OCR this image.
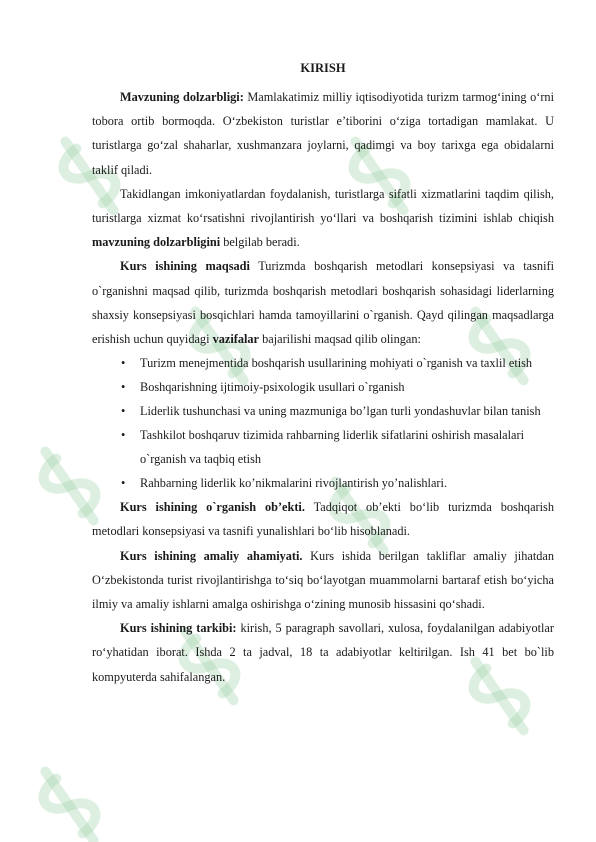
KIRISH

Mavzuning dolzarbligi: Mamlakatimiz milliy iqtisodiyotida turizm tarmog‘ining o‘rni tobora ortib bormoqda. O‘zbekiston turistlar e’tiborini o‘ziga tortadigan mamlakat. U turistlarga go‘zal shaharlar, xushmanzara joylarni, qadimgi va boy tarixga ega obidalarni taklif qiladi.

Takidlangan imkoniyatlardan foydalanish, turistlarga sifatli xizmatlarini taqdim qilish, turistlarga xizmat ko‘rsatishni rivojlantirish yo‘llari va boshqarish tizimini ishlab chiqish mavzuning dolzarbligini belgilab beradi.

Kurs ishining maqsadi Turizmda boshqarish metodlari konsepsiyasi va tasnifi o`rganishni maqsad qilib, turizmda boshqarish metodlari boshqarish sohasidagi liderlarning shaxsiy konsepsiyasi bosqichlari hamda tamoyillarini o`rganish. Qayd qilingan maqsadlarga erishish uchun quyidagi vazifalar bajarilishi maqsad qilib olingan:

• Turizm menejmentida boshqarish usullarining mohiyati o`rganish va taxlil etish
• Boshqarishning ijtimoiy-psixologik usullari o`rganish
• Liderlik tushunchasi va uning mazmuniga bo’lgan turli yondashuvlar bilan tanish
• Tashkilot boshqaruv tizimida rahbarning liderlik sifatlarini oshirish masalalari o`rganish va taqbiq etish
• Rahbarning liderlik ko’nikmalarini rivojlantirish yo’nalishlari.

Kurs ishining o`rganish ob’ekti. Tadqiqot ob’ekti bo‘lib turizmda boshqarish metodlari konsepsiyasi va tasnifi yunalishlari bo‘lib hisoblanadi.

Kurs ishining amaliy ahamiyati. Kurs ishida berilgan takliflar amaliy jihatdan O‘zbekistonda turist rivojlantirishga to‘siq bo‘layotgan muammolarni bartaraf etish bo‘yicha ilmiy va amaliy ishlarni amalga oshirishga o‘zining munosib hissasini qo‘shadi.

Kurs ishining tarkibi: kirish, 5 paragraph savollari, xulosa, foydalanilgan adabiyotlar ro‘yhatidan iborat. Ishda 2 ta jadval, 18 ta adabiyotlar keltirilgan. Ish 41 bet bo`lib kompyuterda sahifalangan.
